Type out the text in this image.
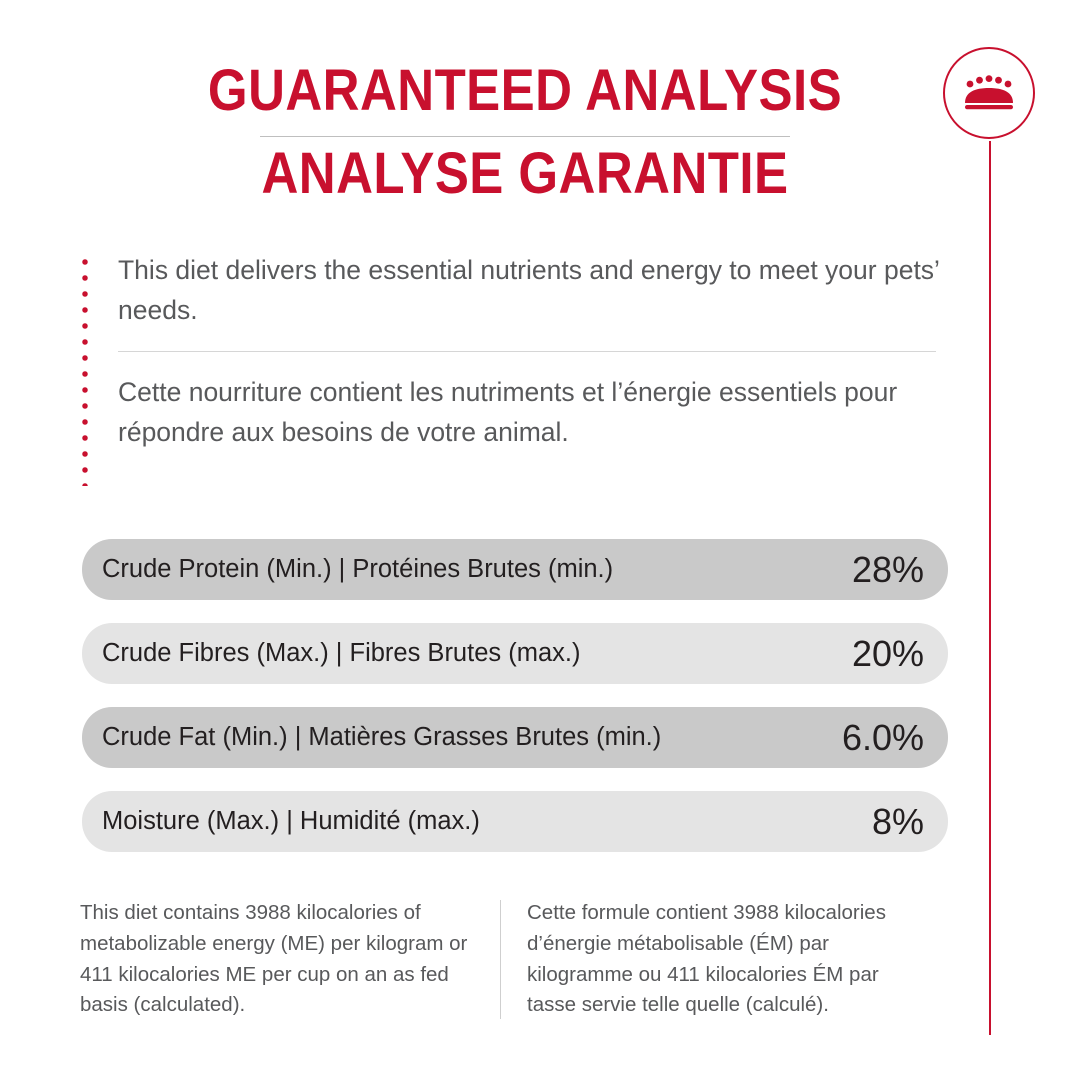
GUARANTEED ANALYSIS
ANALYSE GARANTIE
This diet delivers the essential nutrients and energy to meet your pets’ needs.
Cette nourriture contient les nutriments et l’énergie essentiels pour répondre aux besoins de votre animal.
Crude Protein (Min.) | Protéines Brutes (min.)	28%
Crude Fibres (Max.) | Fibres Brutes (max.)	20%
Crude Fat (Min.) | Matières Grasses Brutes (min.)	6.0%
Moisture (Max.) | Humidité (max.)	8%
This diet contains 3988 kilocalories of metabolizable energy (ME) per kilogram or 411 kilocalories ME per cup on an as fed basis (calculated).
Cette formule contient 3988 kilocalories d’énergie métabolisable (ÉM) par kilogramme ou 411 kilocalories ÉM par tasse servie telle quelle (calculé).
